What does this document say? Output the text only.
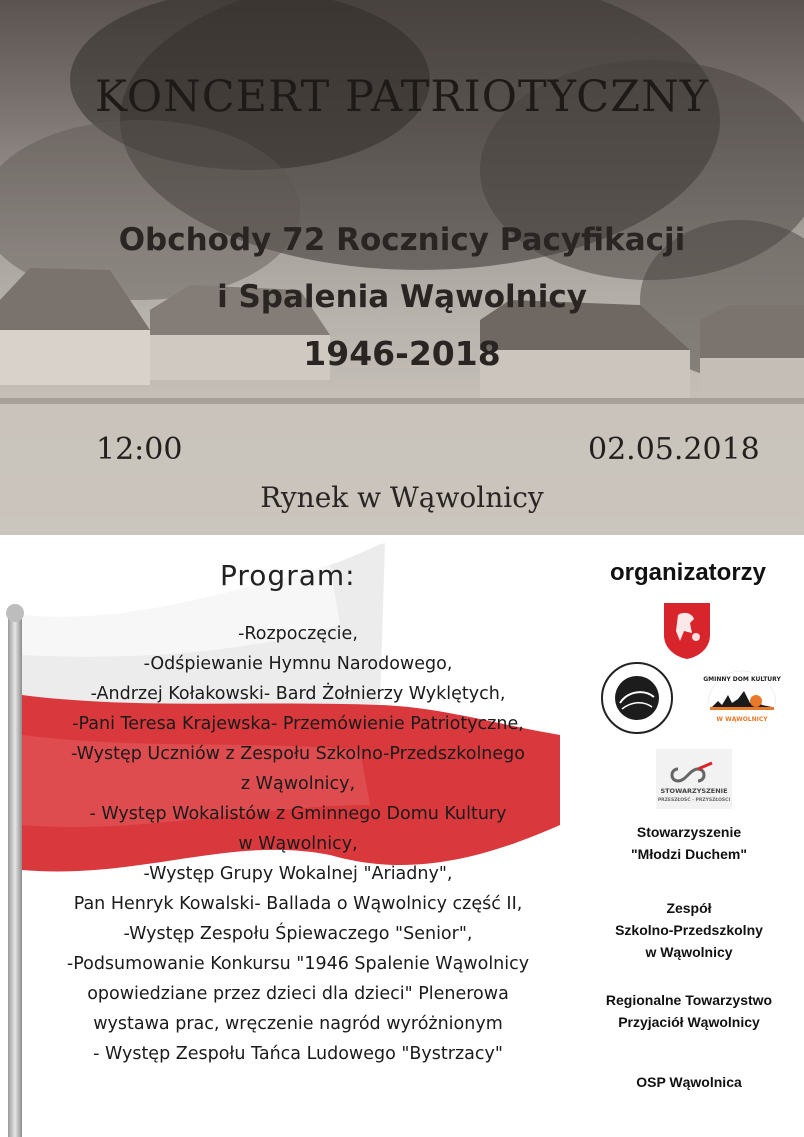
KONCERT PATRIOTYCZNY
Obchody 72 Rocznicy Pacyfikacji
i Spalenia Wąwolnicy
1946-2018
12:00	02.05.2018
Rynek w Wąwolnicy
Program:
-Rozpoczęcie,
-Odśpiewanie Hymnu Narodowego,
-Andrzej Kołakowski- Bard Żołnierzy Wyklętych,
-Pani Teresa Krajewska- Przemówienie Patriotyczne,
-Występ Uczniów z Zespołu Szkolno-Przedszkolnego
z Wąwolnicy,
- Występ Wokalistów z Gminnego Domu Kultury
w Wąwolnicy,
-Występ Grupy Wokalnej "Ariadny",
Pan Henryk Kowalski- Ballada o Wąwolnicy część II,
-Występ Zespołu Śpiewaczego "Senior",
-Podsumowanie Konkursu "1946 Spalenie Wąwolnicy
opowiedziane przez dzieci dla dzieci" Plenerowa
wystawa prac, wręczenie nagród wyróżnionym
- Występ Zespołu Tańca Ludowego "Bystrzacy"
organizatorzy
GMINNY DOM KULTURY
W WĄWOLNICY
STOWARZYSZENIE
PRZESZŁOŚĆ - PRZYSZŁOŚCI
Stowarzyszenie
"Młodzi Duchem"
Zespół
Szkolno-Przedszkolny
w Wąwolnicy
Regionalne Towarzystwo
Przyjaciół Wąwolnicy
OSP Wąwolnica
